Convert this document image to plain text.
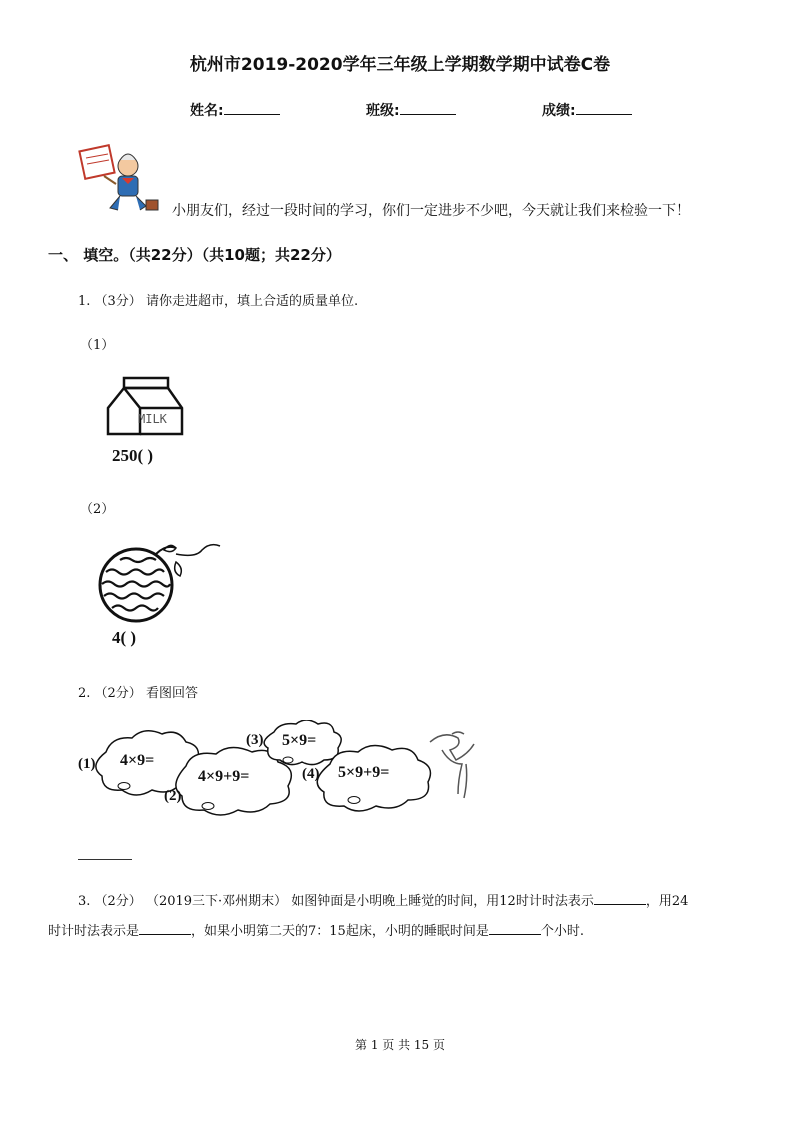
杭州市2019-2020学年三年级上学期数学期中试卷C卷
姓名:	班级:	成绩:
小朋友们，经过一段时间的学习，你们一定进步不少吧，今天就让我们来检验一下！
一、 填空。（共22分）（共10题；共22分）
1. （3分） 请你走进超市，填上合适的质量单位.
（1）
MILK
250( )
（2）
4( )
2. （2分） 看图回答
(1) 4×9=
(2)
4×9+9=
(3) 5×9=
(4) 5×9+9=
3. （2分） （2019三下·邓州期末） 如图钟面是小明晚上睡觉的时间，用12时计时法表示	，用24
时计时法表示是	，如果小明第二天的7：15起床，小明的睡眠时间是	个小时.
第 1 页 共 15 页
